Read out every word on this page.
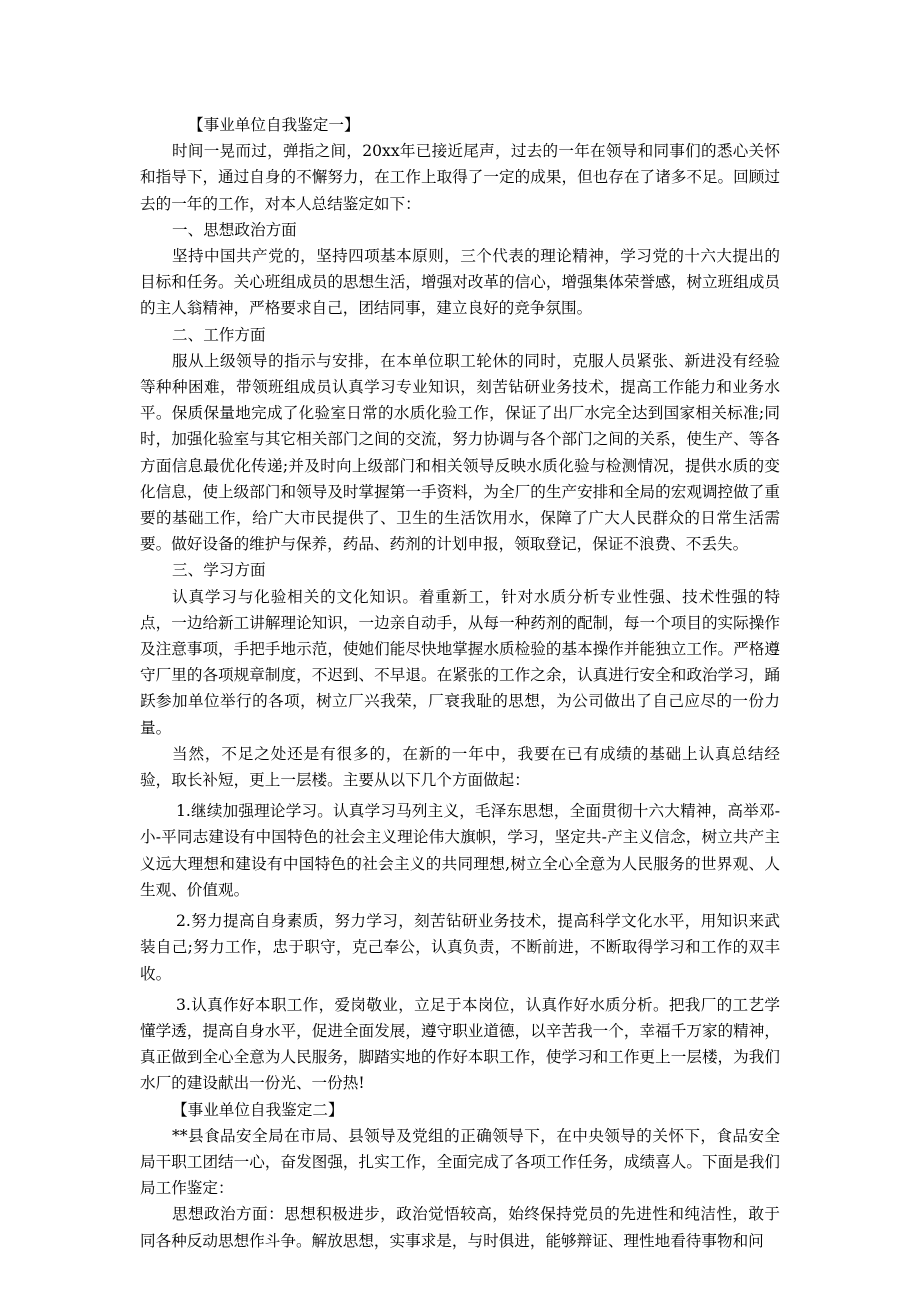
【事业单位自我鉴定一】

时间一晃而过，弹指之间，20xx年已接近尾声，过去的一年在领导和同事们的悉心关怀和指导下，通过自身的不懈努力，在工作上取得了一定的成果，但也存在了诸多不足。回顾过去的一年的工作，对本人总结鉴定如下：

一、思想政治方面

坚持中国共产党的，坚持四项基本原则，三个代表的理论精神，学习党的十六大提出的目标和任务。关心班组成员的思想生活，增强对改革的信心，增强集体荣誉感，树立班组成员的主人翁精神，严格要求自己，团结同事，建立良好的竞争氛围。

二、工作方面

服从上级领导的指示与安排，在本单位职工轮休的同时，克服人员紧张、新进没有经验等种种困难，带领班组成员认真学习专业知识，刻苦钻研业务技术，提高工作能力和业务水平。保质保量地完成了化验室日常的水质化验工作，保证了出厂水完全达到国家相关标准;同时，加强化验室与其它相关部门之间的交流，努力协调与各个部门之间的关系，使生产、等各方面信息最优化传递;并及时向上级部门和相关领导反映水质化验与检测情况，提供水质的变化信息，使上级部门和领导及时掌握第一手资料，为全厂的生产安排和全局的宏观调控做了重要的基础工作，给广大市民提供了、卫生的生活饮用水，保障了广大人民群众的日常生活需要。做好设备的维护与保养，药品、药剂的计划申报，领取登记，保证不浪费、不丢失。

三、学习方面

认真学习与化验相关的文化知识。着重新工，针对水质分析专业性强、技术性强的特点，一边给新工讲解理论知识，一边亲自动手，从每一种药剂的配制，每一个项目的实际操作及注意事项，手把手地示范，使她们能尽快地掌握水质检验的基本操作并能独立工作。严格遵守厂里的各项规章制度，不迟到、不早退。在紧张的工作之余，认真进行安全和政治学习，踊跃参加单位举行的各项，树立厂兴我荣，厂衰我耻的思想，为公司做出了自己应尽的一份力量。

当然，不足之处还是有很多的，在新的一年中，我要在已有成绩的基础上认真总结经验，取长补短，更上一层楼。主要从以下几个方面做起：

1.继续加强理论学习。认真学习马列主义，毛泽东思想，全面贯彻十六大精神，高举邓-小-平同志建设有中国特色的社会主义理论伟大旗帜，学习，坚定共-产主义信念，树立共产主义远大理想和建设有中国特色的社会主义的共同理想,树立全心全意为人民服务的世界观、人生观、价值观。

2.努力提高自身素质，努力学习，刻苦钻研业务技术，提高科学文化水平，用知识来武装自己;努力工作，忠于职守，克己奉公，认真负责，不断前进，不断取得学习和工作的双丰收。

3.认真作好本职工作，爱岗敬业，立足于本岗位，认真作好水质分析。把我厂的工艺学懂学透，提高自身水平，促进全面发展，遵守职业道德，以辛苦我一个，幸福千万家的精神，真正做到全心全意为人民服务，脚踏实地的作好本职工作，使学习和工作更上一层楼，为我们水厂的建设献出一份光、一份热!

【事业单位自我鉴定二】

**县食品安全局在市局、县领导及党组的正确领导下，在中央领导的关怀下，食品安全局干职工团结一心，奋发图强，扎实工作，全面完成了各项工作任务，成绩喜人。下面是我们局工作鉴定：

思想政治方面：思想积极进步，政治觉悟较高，始终保持党员的先进性和纯洁性，敢于同各种反动思想作斗争。解放思想，实事求是，与时俱进，能够辩证、理性地看待事物和问
